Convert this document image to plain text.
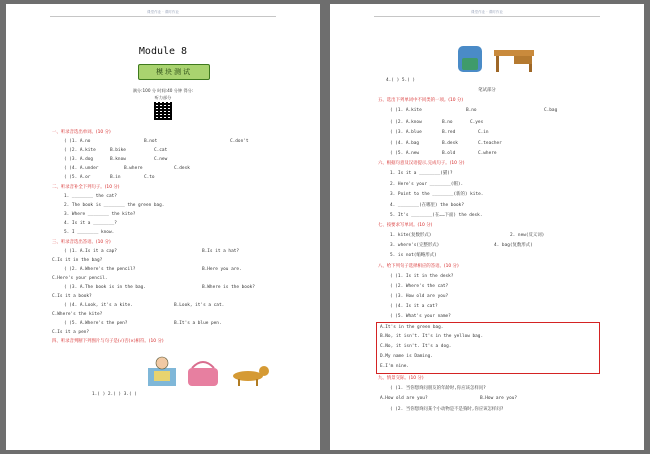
课堂作业 · 课时作业
Module 8
模块测试
满分:100 分 时间:40 分钟 得分:
听力部分
一、听录音选出单词。(10 分)
( )1. A.no	B.not	C.don't
( )2. A.kite	B.bike	C.cat
( )3. A.dog	B.know	C.new
( )4. A.under	B.where	C.desk
( )5. A.or	B.in	C.to
二、听录音补全下列句子。(10 分)
1. ________ the cat?
2. The book is ________ the green bag.
3. Where ________ the kite?
4. Is it a ________?
5. I ________ know.
三、听录音选出答语。(10 分)
( )1. A.Is it a cap?	B.Is it a hat?
C.Is it in the bag?
( )2. A.Where's the pencil?	B.Here you are.
C.Here's your pencil.
( )3. A.The book is in the bag.	B.Where is the book?
C.Is it a book?
( )4. A.Look, it's a kite.	B.Look, it's a cat.
C.Where's the kite?
( )5. A.Where's the pen?	B.It's a blue pen.
C.Is it a pen?
四、听录音判断下列图片与句子是(√)否(×)相符。(10 分)
1.( ) 2.( ) 3.( )
课堂作业 · 课时作业
4.( ) 5.( )
笔试部分
五、选出下列单词中不同类的一项。(10 分)
( )1. A.kite	B.no	C.bag
( )2. A.know	B.no	C.yes
( )3. A.blue	B.red	C.in
( )4. A.bag	B.desk	C.teacher
( )5. A.new	B.old	C.where
六、根据句意及汉语提示,完成句子。(10 分)
1. Is it a ________(猫)?
2. Here's your ________(帽).
3. Point to the ________(新的) kite.
4. ________(在哪里) the book?
5. It's ________(在……下面) the desk.
七、按要求写单词。(10 分)
1. kite(复数形式)	2. new(反义词)
3. where's(完整形式)	4. bag(复数形式)
5. is not(缩略形式)
八、给下列句子选择相应的答语。(10 分)
( )1. Is it in the desk?
( )2. Where's the cat?
( )3. How old are you?
( )4. Is it a cat?
( )5. What's your name?
A.It's in the green bag.
B.No, it isn't. It's in the yellow bag.
C.No, it isn't. It's a dog.
D.My name is Daming.
E.I'm nine.
九、情景交际。(10 分)
( )1. 当你想询问朋友的年龄时,你应该怎样问?
A.How old are you?	B.How are you?
( )2. 当你想询问某个小动物是不是狗时,你应该怎样问?
